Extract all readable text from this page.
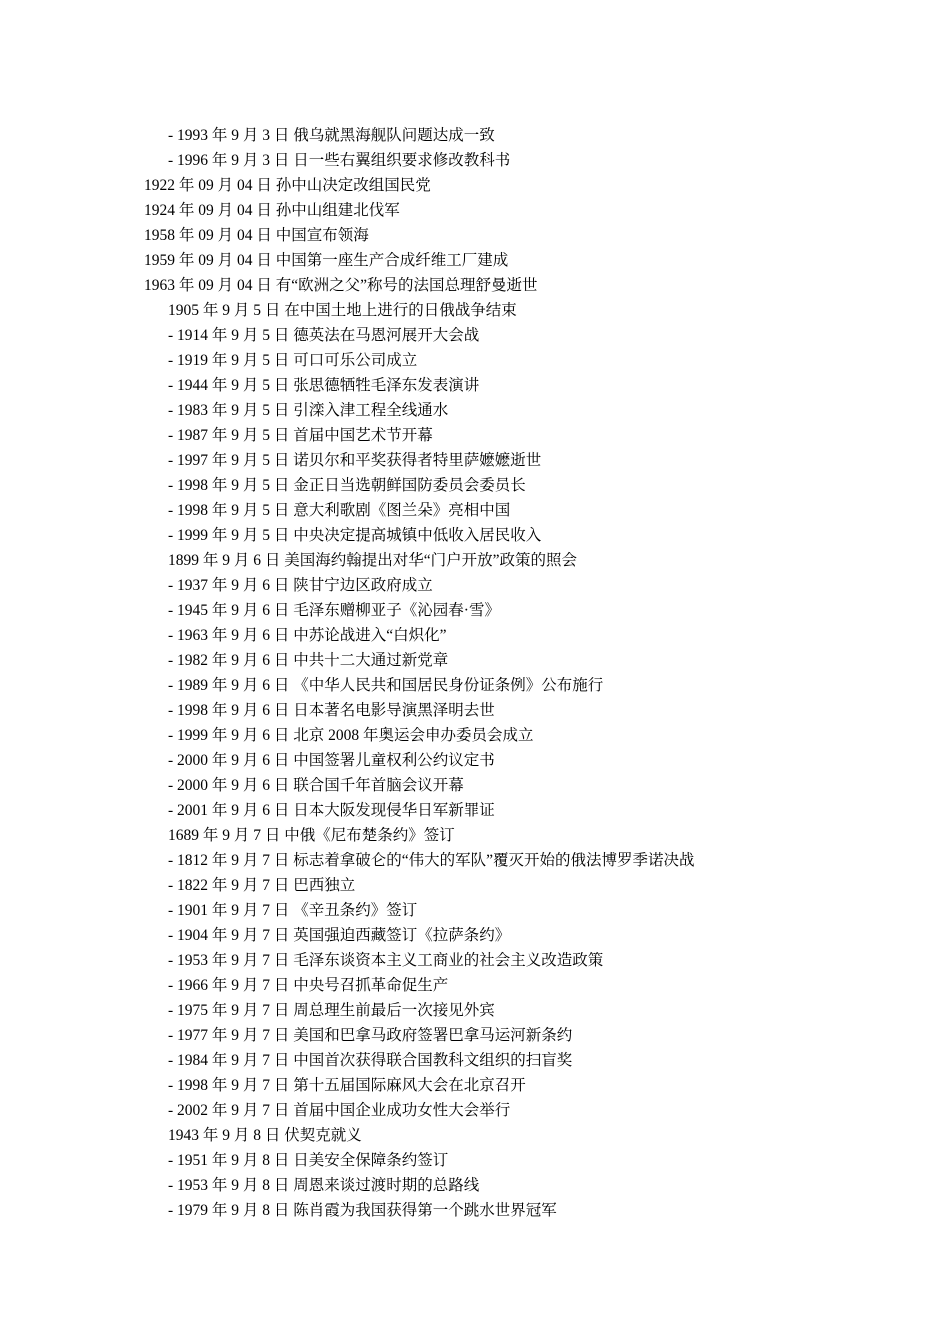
- 1993 年 9 月 3 日 俄乌就黑海舰队问题达成一致
- 1996 年 9 月 3 日 日一些右翼组织要求修改教科书
1922 年 09 月 04 日 孙中山决定改组国民党
1924 年 09 月 04 日 孙中山组建北伐军
1958 年 09 月 04 日 中国宣布领海
1959 年 09 月 04 日 中国第一座生产合成纤维工厂建成
1963 年 09 月 04 日 有“欧洲之父”称号的法国总理舒曼逝世
1905 年 9 月 5 日 在中国土地上进行的日俄战争结束
- 1914 年 9 月 5 日 德英法在马恩河展开大会战
- 1919 年 9 月 5 日 可口可乐公司成立
- 1944 年 9 月 5 日 张思德牺牲毛泽东发表演讲
- 1983 年 9 月 5 日 引滦入津工程全线通水
- 1987 年 9 月 5 日 首届中国艺术节开幕
- 1997 年 9 月 5 日 诺贝尔和平奖获得者特里萨嬷嬷逝世
- 1998 年 9 月 5 日 金正日当选朝鲜国防委员会委员长
- 1998 年 9 月 5 日 意大利歌剧《图兰朵》亮相中国
- 1999 年 9 月 5 日 中央决定提高城镇中低收入居民收入
1899 年 9 月 6 日 美国海约翰提出对华“门户开放”政策的照会
- 1937 年 9 月 6 日 陕甘宁边区政府成立
- 1945 年 9 月 6 日 毛泽东赠柳亚子《沁园春·雪》
- 1963 年 9 月 6 日 中苏论战进入“白炽化”
- 1982 年 9 月 6 日 中共十二大通过新党章
- 1989 年 9 月 6 日 《中华人民共和国居民身份证条例》公布施行
- 1998 年 9 月 6 日 日本著名电影导演黑泽明去世
- 1999 年 9 月 6 日 北京 2008 年奥运会申办委员会成立
- 2000 年 9 月 6 日 中国签署儿童权利公约议定书
- 2000 年 9 月 6 日 联合国千年首脑会议开幕
- 2001 年 9 月 6 日 日本大阪发现侵华日军新罪证
1689 年 9 月 7 日 中俄《尼布楚条约》签订
- 1812 年 9 月 7 日 标志着拿破仑的“伟大的军队”覆灭开始的俄法博罗季诺决战
- 1822 年 9 月 7 日 巴西独立
- 1901 年 9 月 7 日 《辛丑条约》签订
- 1904 年 9 月 7 日 英国强迫西藏签订《拉萨条约》
- 1953 年 9 月 7 日 毛泽东谈资本主义工商业的社会主义改造政策
- 1966 年 9 月 7 日 中央号召抓革命促生产
- 1975 年 9 月 7 日 周总理生前最后一次接见外宾
- 1977 年 9 月 7 日 美国和巴拿马政府签署巴拿马运河新条约
- 1984 年 9 月 7 日 中国首次获得联合国教科文组织的扫盲奖
- 1998 年 9 月 7 日 第十五届国际麻风大会在北京召开
- 2002 年 9 月 7 日 首届中国企业成功女性大会举行
1943 年 9 月 8 日 伏契克就义
- 1951 年 9 月 8 日 日美安全保障条约签订
- 1953 年 9 月 8 日 周恩来谈过渡时期的总路线
- 1979 年 9 月 8 日 陈肖霞为我国获得第一个跳水世界冠军
